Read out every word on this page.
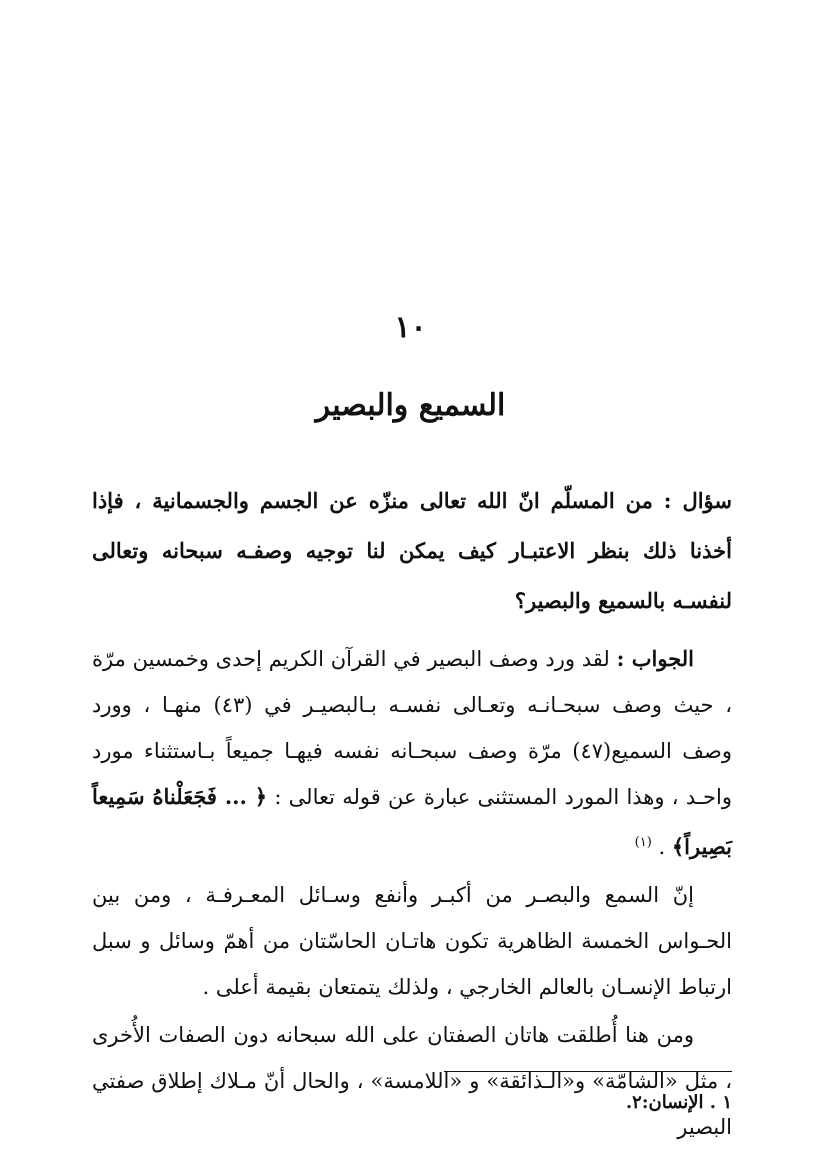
١٠
السميع والبصير
سؤال : من المسلّم انّ الله تعالى منزّه عن الجسم والجسمانية ، فإذا أخذنا ذلك بنظر الاعتبـار كيف يمكن لنا توجيه وصفـه سبحانه وتعالى لنفسـه بالسميع والبصير؟

الجواب : لقد ورد وصف البصير في القرآن الكريم إحدى وخمسين مرّة ، حيث وصف سبحـانـه وتعـالى نفسـه بـالبصيـر في (٤٣) منهـا ، وورد وصف السميع(٤٧) مرّة وصف سبحـانه نفسه فيهـا جميعاً بـاستثناء مورد واحـد ، وهذا المورد المستثنى عبارة عن قوله تعالى : ﴿ ... فَجَعَلْناهُ سَمِيعاً بَصِيراً﴾ . $^{(١)}$

إنّ السمع والبصـر من أكبـر وأنفع وسـائل المعـرفـة ، ومن بين الحـواس الخمسة الظاهرية تكون هاتـان الحاسّتان من أهمّ وسائل و سبل ارتباط الإنسـان بالعالم الخارجي ، ولذلك يتمتعان بقيمة أعلى .

ومن هنا أُطلقت هاتان الصفتان على الله سبحانه دون الصفات الأُخرى ، مثل «الشامّة» و«الـذائقة» و «اللامسة» ، والحال أنّ مـلاك إطلاق صفتي البصير

١ . الإنسان:٢.
